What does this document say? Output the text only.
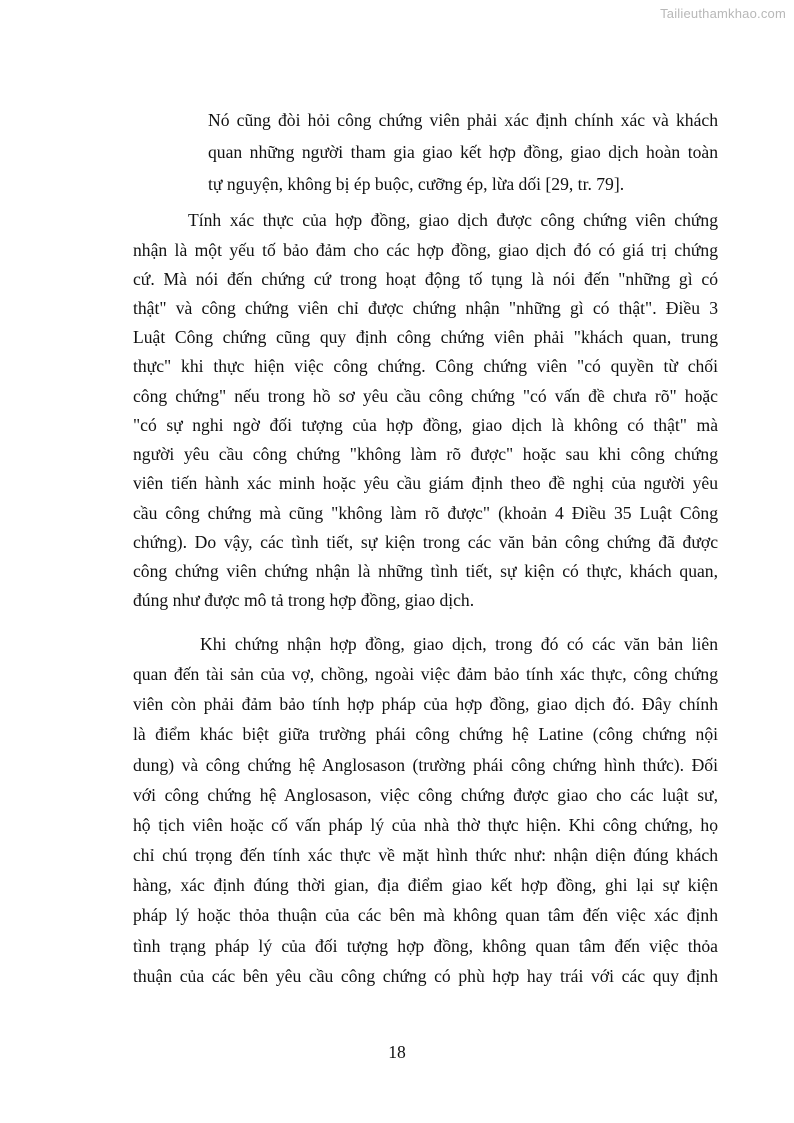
Tailieuthamkhao.com
Nó cũng đòi hỏi công chứng viên phải xác định chính xác và khách
quan những người tham gia giao kết hợp đồng, giao dịch hoàn toàn
tự nguyện, không bị ép buộc, cưỡng ép, lừa dối [29, tr. 79].
Tính xác thực của hợp đồng, giao dịch được công chứng viên chứng
nhận là một yếu tố bảo đảm cho các hợp đồng, giao dịch đó có giá trị chứng
cứ. Mà nói đến chứng cứ trong hoạt động tố tụng là nói đến "những gì có
thật" và công chứng viên chỉ được chứng nhận "những gì có thật". Điều 3
Luật Công chứng cũng quy định công chứng viên phải "khách quan, trung
thực" khi thực hiện việc công chứng. Công chứng viên "có quyền từ chối
công chứng" nếu trong hồ sơ yêu cầu công chứng "có vấn đề chưa rõ" hoặc
"có sự nghi ngờ đối tượng của hợp đồng, giao dịch là không có thật" mà
người yêu cầu công chứng "không làm rõ được" hoặc sau khi công chứng
viên tiến hành xác minh hoặc yêu cầu giám định theo đề nghị của người yêu
cầu công chứng mà cũng "không làm rõ được" (khoản 4 Điều 35 Luật Công
chứng). Do vậy, các tình tiết, sự kiện trong các văn bản công chứng đã được
công chứng viên chứng nhận là những tình tiết, sự kiện có thực, khách quan,
đúng như được mô tả trong hợp đồng, giao dịch.
Khi chứng nhận hợp đồng, giao dịch, trong đó có các văn bản liên
quan đến tài sản của vợ, chồng, ngoài việc đảm bảo tính xác thực, công chứng
viên còn phải đảm bảo tính hợp pháp của hợp đồng, giao dịch đó. Đây chính
là điểm khác biệt giữa trường phái công chứng hệ Latine (công chứng nội
dung) và công chứng hệ Anglosason (trường phái công chứng hình thức). Đối
với công chứng hệ Anglosason, việc công chứng được giao cho các luật sư,
hộ tịch viên hoặc cố vấn pháp lý của nhà thờ thực hiện. Khi công chứng, họ
chỉ chú trọng đến tính xác thực về mặt hình thức như: nhận diện đúng khách
hàng, xác định đúng thời gian, địa điểm giao kết hợp đồng, ghi lại sự kiện
pháp lý hoặc thỏa thuận của các bên mà không quan tâm đến việc xác định
tình trạng pháp lý của đối tượng hợp đồng, không quan tâm đến việc thỏa
thuận của các bên yêu cầu công chứng có phù hợp hay trái với các quy định
18
